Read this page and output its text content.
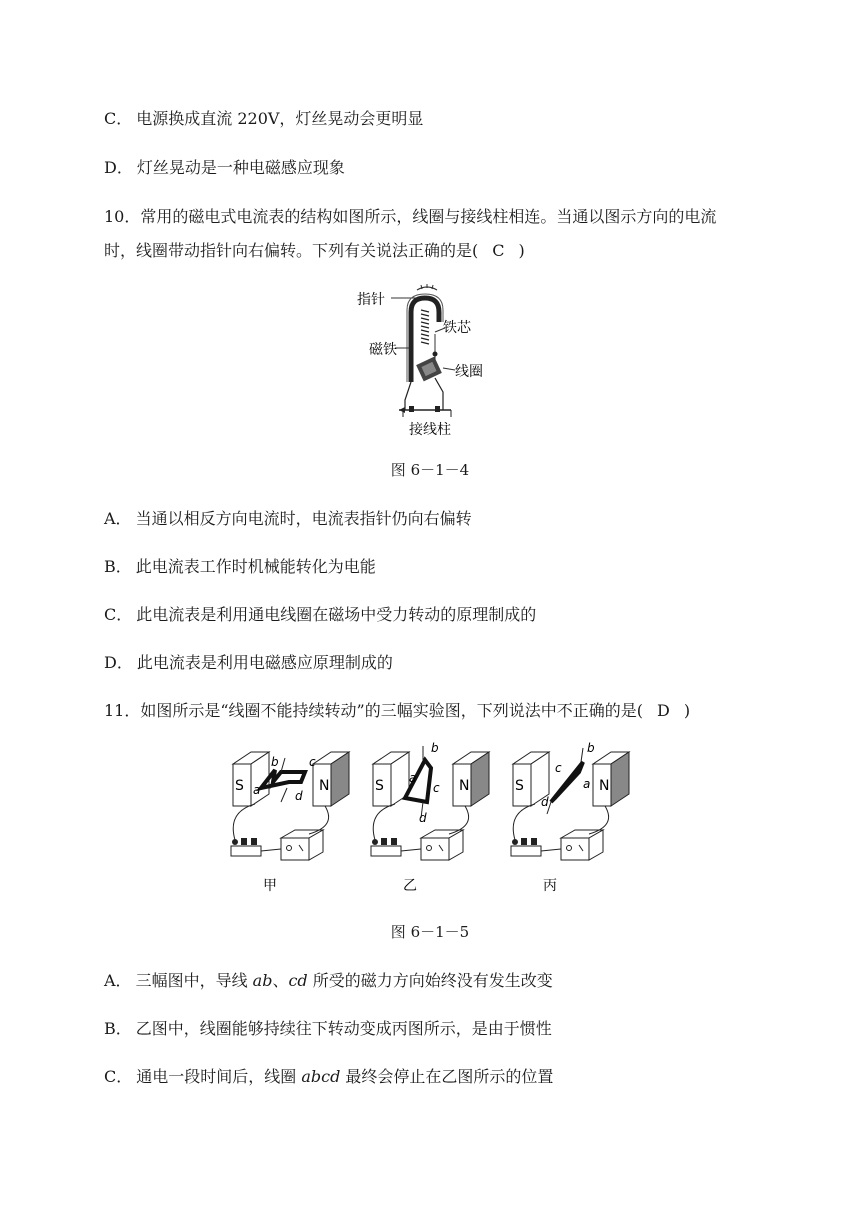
C． 电源换成直流 220V，灯丝晃动会更明显
D． 灯丝晃动是一种电磁感应现象
10．常用的磁电式电流表的结构如图所示，线圈与接线柱相连。当通以图示方向的电流
时，线圈带动指针向右偏转。下列有关说法正确的是( C )
指针
磁铁
铁芯
线圈
接线柱
图 6－1－4
A． 当通以相反方向电流时，电流表指针仍向右偏转
B． 此电流表工作时机械能转化为电能
C． 此电流表是利用通电线圈在磁场中受力转动的原理制成的
D． 此电流表是利用电磁感应原理制成的
11．如图所示是“线圈不能持续转动”的三幅实验图，下列说法中不正确的是( D )
S	N
a
b	c
d
甲
S	N
a
b
c
d
乙
S	N
a
b
c
d
丙
图 6－1－5
A． 三幅图中，导线 ab、cd 所受的磁力方向始终没有发生改变
B． 乙图中，线圈能够持续往下转动变成丙图所示，是由于惯性
C． 通电一段时间后，线圈 abcd 最终会停止在乙图所示的位置
